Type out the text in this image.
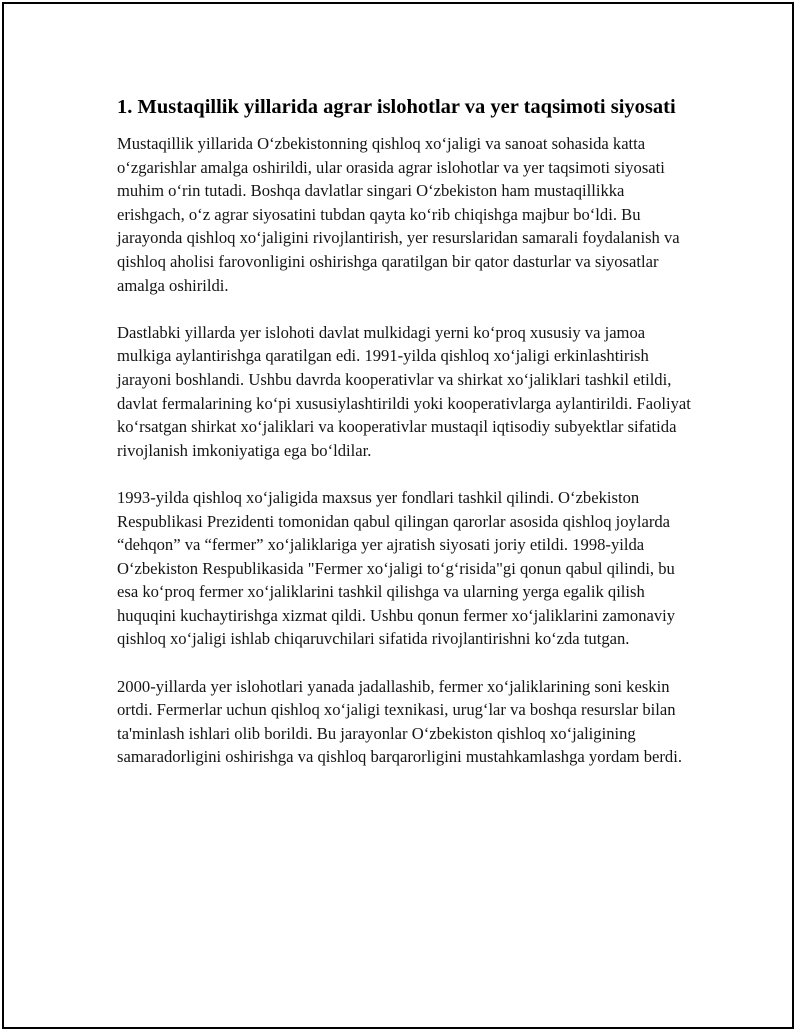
1. Mustaqillik yillarida agrar islohotlar va yer taqsimoti siyosati

Mustaqillik yillarida O‘zbekistonning qishloq xo‘jaligi va sanoat sohasida katta o‘zgarishlar amalga oshirildi, ular orasida agrar islohotlar va yer taqsimoti siyosati muhim o‘rin tutadi. Boshqa davlatlar singari O‘zbekiston ham mustaqillikka erishgach, o‘z agrar siyosatini tubdan qayta ko‘rib chiqishga majbur bo‘ldi. Bu jarayonda qishloq xo‘jaligini rivojlantirish, yer resurslaridan samarali foydalanish va qishloq aholisi farovonligini oshirishga qaratilgan bir qator dasturlar va siyosatlar amalga oshirildi.

Dastlabki yillarda yer islohoti davlat mulkidagi yerni ko‘proq xususiy va jamoa mulkiga aylantirishga qaratilgan edi. 1991-yilda qishloq xo‘jaligi erkinlashtirish jarayoni boshlandi. Ushbu davrda kooperativlar va shirkat xo‘jaliklari tashkil etildi, davlat fermalarining ko‘pi xususiylashtirildi yoki kooperativlarga aylantirildi. Faoliyat ko‘rsatgan shirkat xo‘jaliklari va kooperativlar mustaqil iqtisodiy subyektlar sifatida rivojlanish imkoniyatiga ega bo‘ldilar.

1993-yilda qishloq xo‘jaligida maxsus yer fondlari tashkil qilindi. O‘zbekiston Respublikasi Prezidenti tomonidan qabul qilingan qarorlar asosida qishloq joylarda “dehqon” va “fermer” xo‘jaliklariga yer ajratish siyosati joriy etildi. 1998-yilda O‘zbekiston Respublikasida "Fermer xo‘jaligi to‘g‘risida"gi qonun qabul qilindi, bu esa ko‘proq fermer xo‘jaliklarini tashkil qilishga va ularning yerga egalik qilish huquqini kuchaytirishga xizmat qildi. Ushbu qonun fermer xo‘jaliklarini zamonaviy qishloq xo‘jaligi ishlab chiqaruvchilari sifatida rivojlantirishni ko‘zda tutgan.

2000-yillarda yer islohotlari yanada jadallashib, fermer xo‘jaliklarining soni keskin ortdi. Fermerlar uchun qishloq xo‘jaligi texnikasi, urug‘lar va boshqa resurslar bilan ta'minlash ishlari olib borildi. Bu jarayonlar O‘zbekiston qishloq xo‘jaligining samaradorligini oshirishga va qishloq barqarorligini mustahkamlashga yordam berdi.
